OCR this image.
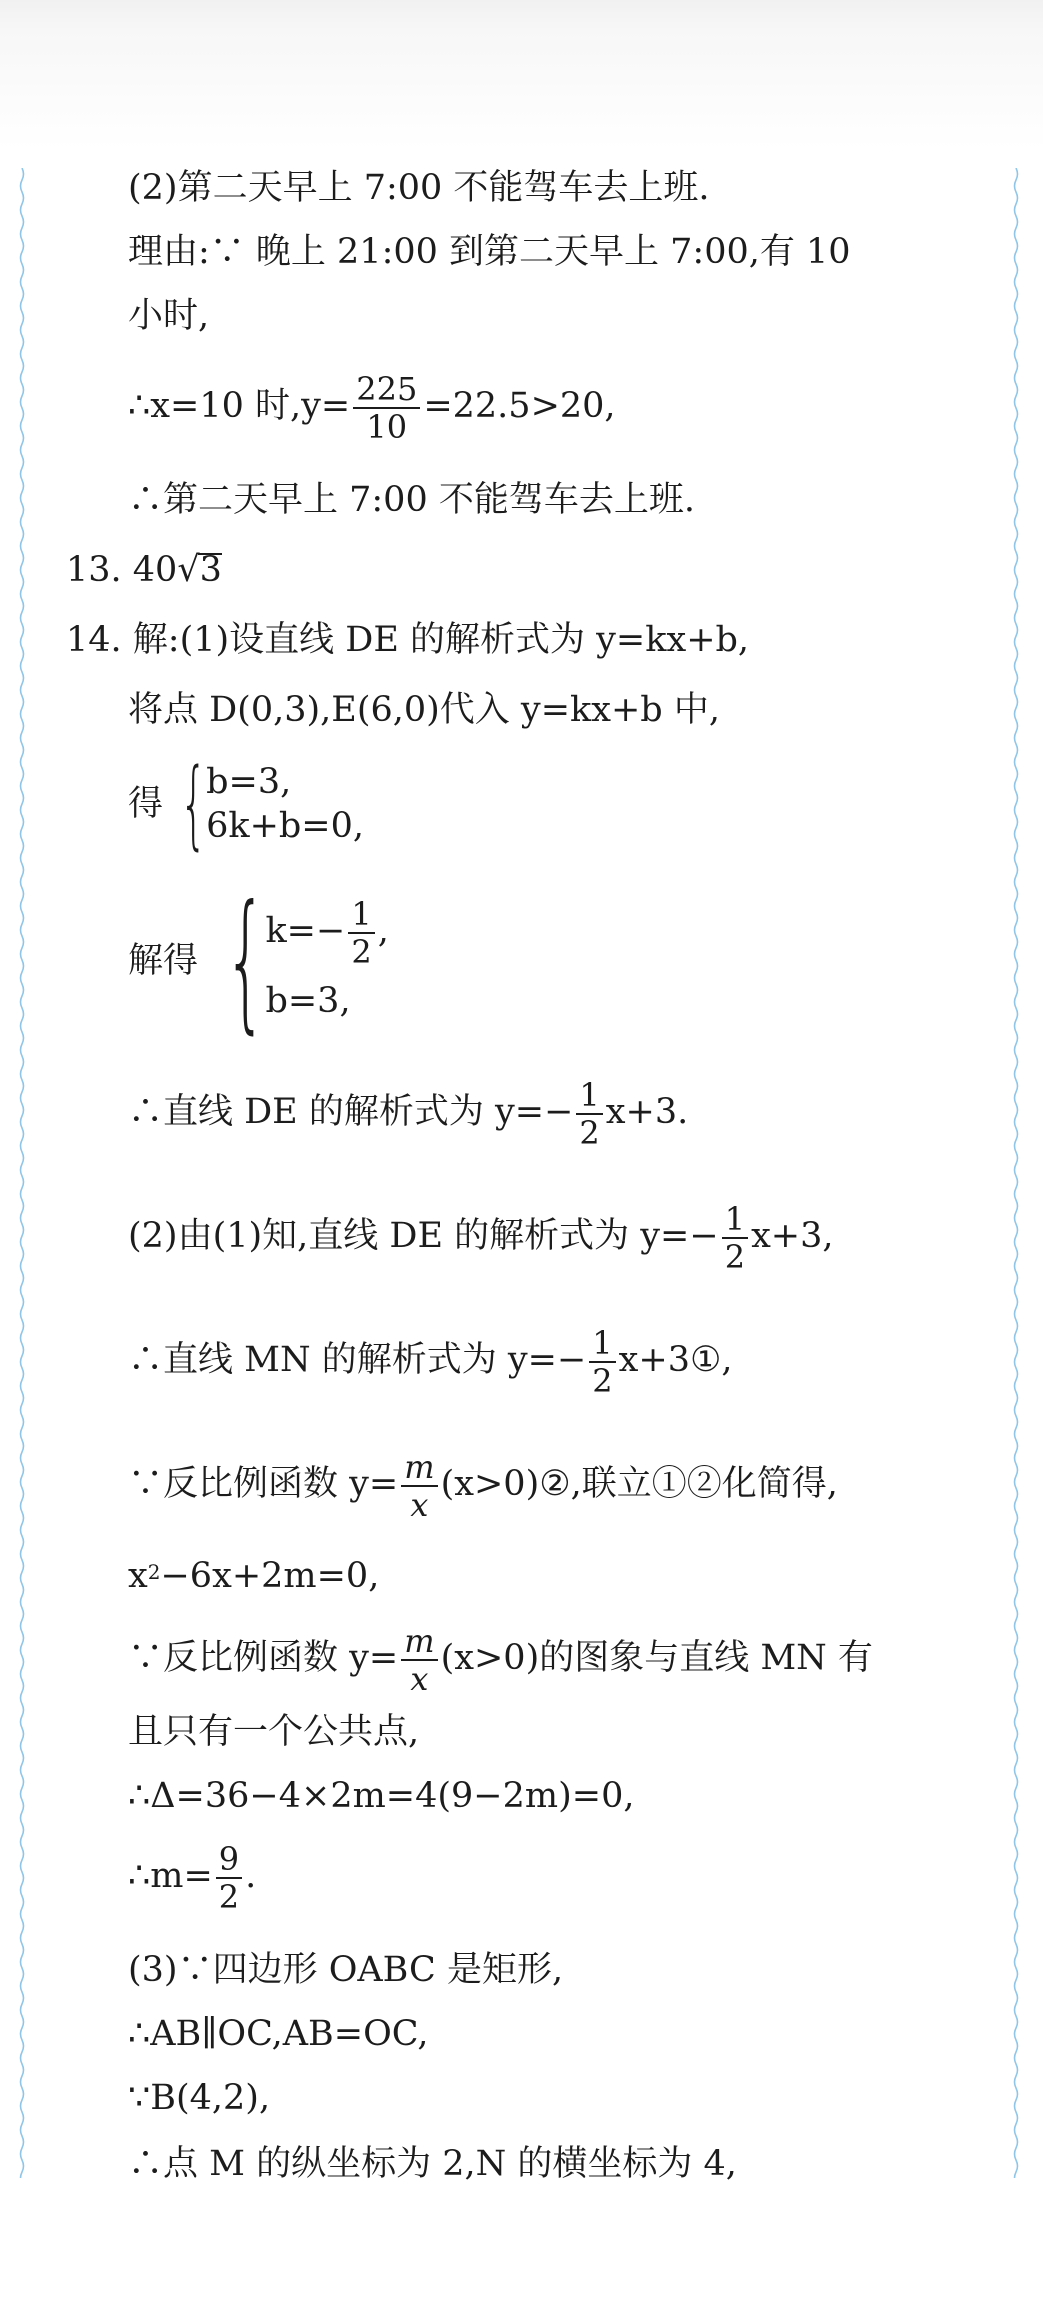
(2)第二天早上 7:00 不能驾车去上班.
理由:∵ 晚上 21:00 到第二天早上 7:00,有 10
小时,
∴x=10 时$,y= \frac{225}{10} =22.5>20$,
∴第二天早上 7:00 不能驾车去上班.
13. 40√3
14. 解:(1)设直线 DE 的解析式为 y=kx+b,
将点 D(0,3),E(6,0)代入 y=kx+b 中,
得 {
b=3,
6k+b=0,
解得 {
$k=- \frac{1}{2}$ ,
b=3,
∴直线 DE 的解析式为 $y=- \frac{1}{2} x+3$.
(2)由(1)知,直线 DE 的解析式为 $y=- \frac{1}{2} x+3$,
∴直线 MN 的解析式为 $y=- \frac{1}{2}$ x+3①,
∵反比例函数 $y= \frac{m}{x}$ (x>0)②,联立①②化简得,
$x^2-6x+2m=0$,
∵反比例函数 $y= \frac{m}{x} (x>0)$的图象与直线 MN 有
且只有一个公共点,
∴Δ=36−4×2m=4(9−2m)=0,
∴m= $\frac{9}{2}$ .
(3)∵四边形 OABC 是矩形,
∴AB∥OC,AB=OC,
∵B(4,2),
∴点 M 的纵坐标为 2,N 的横坐标为 4,
